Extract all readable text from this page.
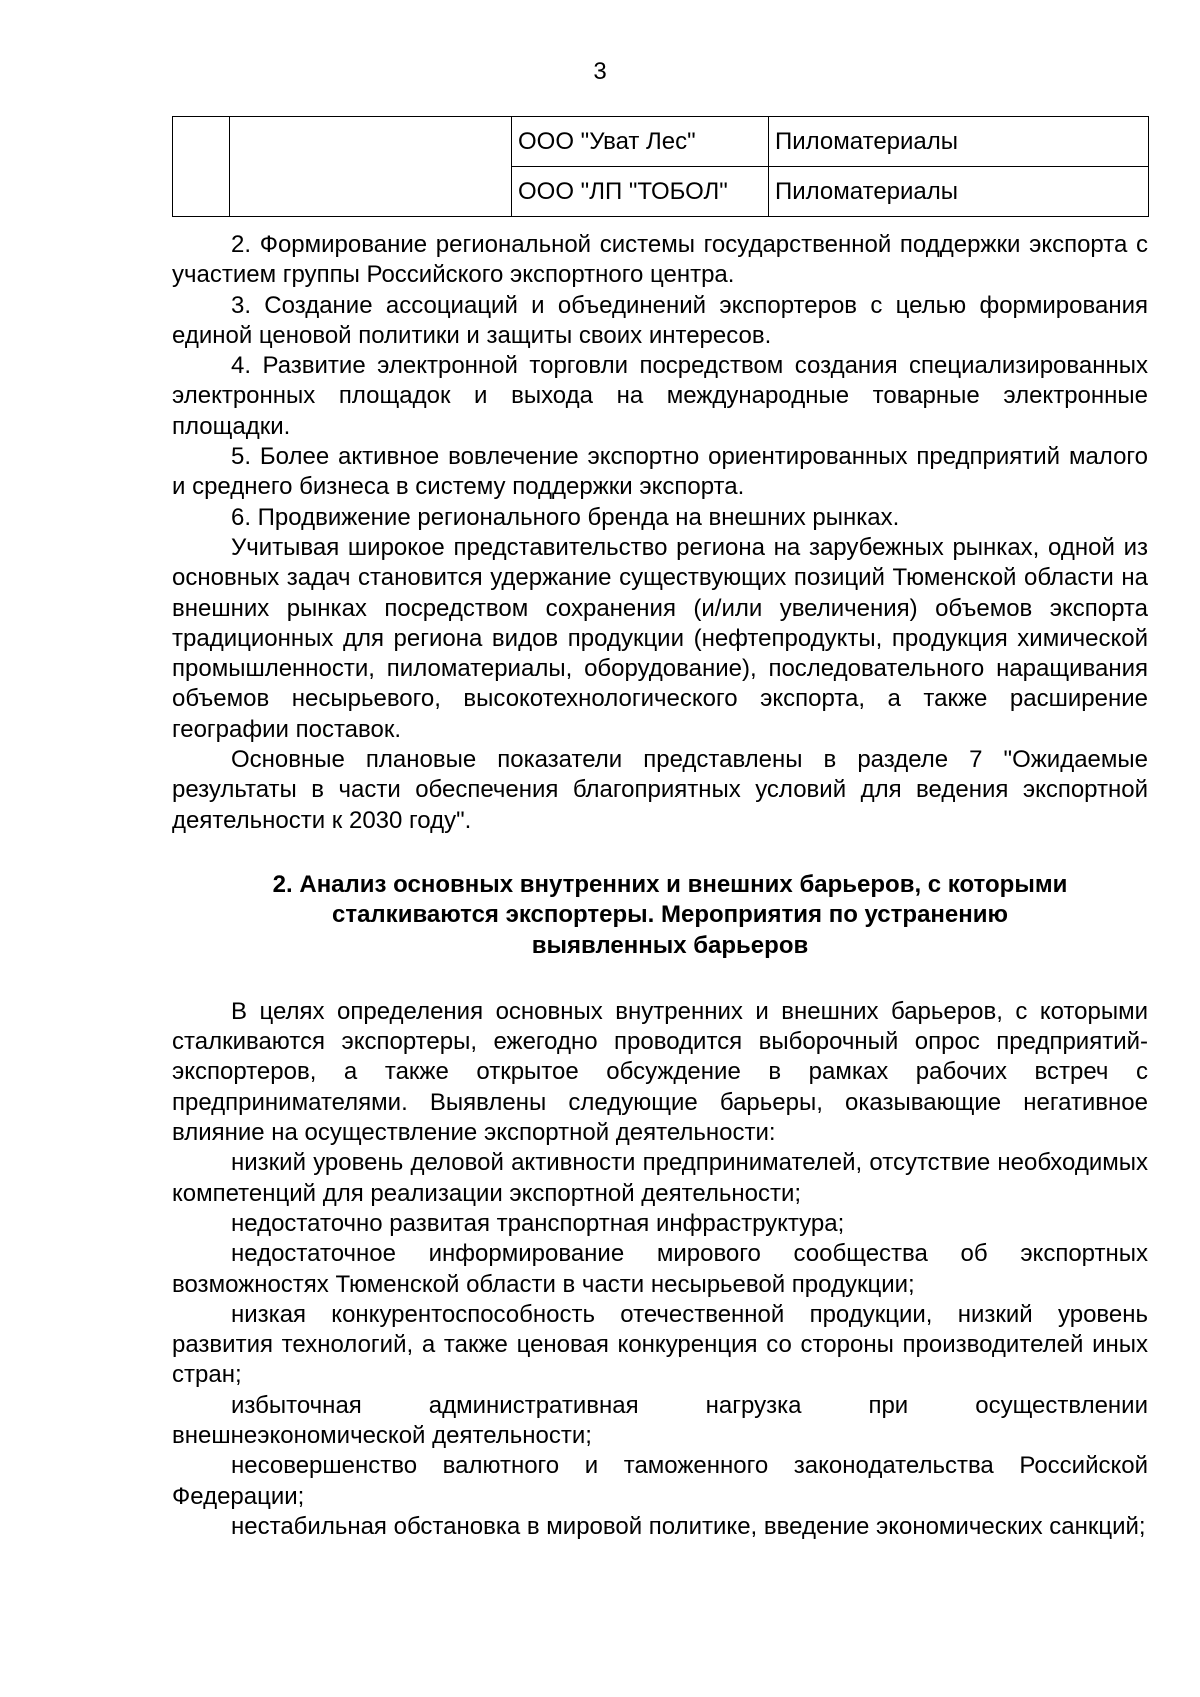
3
		ООО "Уват Лес"	Пиломатериалы
		ООО "ЛП "ТОБОЛ"	Пиломатериалы

2. Формирование региональной системы государственной поддержки экспорта с участием группы Российского экспортного центра.

3. Создание ассоциаций и объединений экспортеров с целью формирования единой ценовой политики и защиты своих интересов.

4. Развитие электронной торговли посредством создания специализированных электронных площадок и выхода на международные товарные электронные площадки.

5. Более активное вовлечение экспортно ориентированных предприятий малого и среднего бизнеса в систему поддержки экспорта.

6. Продвижение регионального бренда на внешних рынках.

Учитывая широкое представительство региона на зарубежных рынках, одной из основных задач становится удержание существующих позиций Тюменской области на внешних рынках посредством сохранения (и/или увеличения) объемов экспорта традиционных для региона видов продукции (нефтепродукты, продукция химической промышленности, пиломатериалы, оборудование), последовательного наращивания объемов несырьевого, высокотехнологического экспорта, а также расширение географии поставок.

Основные плановые показатели представлены в разделе 7 "Ожидаемые результаты в части обеспечения благоприятных условий для ведения экспортной деятельности к 2030 году".

2. Анализ основных внутренних и внешних барьеров, с которыми
сталкиваются экспортеры. Мероприятия по устранению
выявленных барьеров

В целях определения основных внутренних и внешних барьеров, с которыми сталкиваются экспортеры, ежегодно проводится выборочный опрос предприятий-экспортеров, а также открытое обсуждение в рамках рабочих встреч с предпринимателями. Выявлены следующие барьеры, оказывающие негативное влияние на осуществление экспортной деятельности:

низкий уровень деловой активности предпринимателей, отсутствие необходимых компетенций для реализации экспортной деятельности;

недостаточно развитая транспортная инфраструктура;

недостаточное информирование мирового сообщества об экспортных возможностях Тюменской области в части несырьевой продукции;

низкая конкурентоспособность отечественной продукции, низкий уровень развития технологий, а также ценовая конкуренция со стороны производителей иных стран;

избыточная административная нагрузка при осуществлении внешнеэкономической деятельности;

несовершенство валютного и таможенного законодательства Российской Федерации;

нестабильная обстановка в мировой политике, введение экономических санкций;
